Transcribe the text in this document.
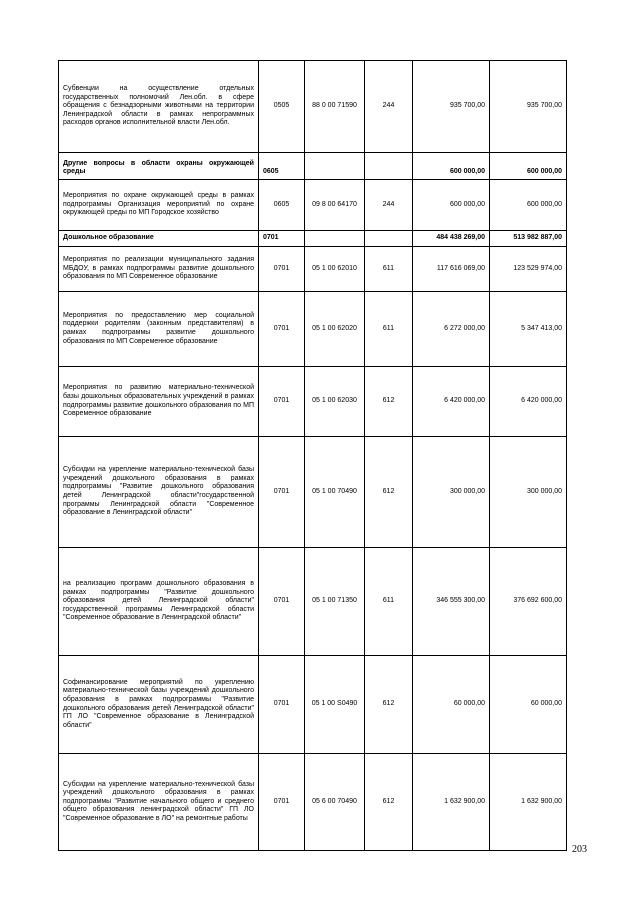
Субвенции на осуществление отдельных государственных полномочий Лен.обл. в сфере обращения с безнадзорными животными на территории Ленинградской области в рамках непрограммных расходов органов исполнительной власти Лен.обл.	0505	88 0 00 71590	244	935 700,00	935 700,00
Другие вопросы в области охраны окружающей среды	0605			600 000,00	600 000,00
Мероприятия по охране окружающей среды в рамках подпрограммы Организация мероприятий по охране окружающей среды по МП Городское хозяйство	0605	09 8 00 64170	244	600 000,00	600 000,00
Дошкольное образование	0701			484 438 269,00	513 982 887,00
Мероприятия по реализации муниципального задания МБДОУ, в рамках подпрограммы развитие дошкольного образования по МП Современное образование	0701	05 1 00 62010	611	117 616 069,00	123 529 974,00
Мероприятия по предоставлению мер социальной поддержки родителям (законным представителям) в рамках подпрограммы развитие дошкольного образования по МП Современное образование	0701	05 1 00 62020	611	6 272 000,00	5 347 413,00
Мероприятия по развитию материально-технической базы дошкольных образовательных учреждений в рамках подпрограммы развитие дошкольного образования по МП Современное образование	0701	05 1 00 62030	612	6 420 000,00	6 420 000,00
Субсидии на укрепление материально-технической базы учреждений дошкольного образования в рамках подпрограммы "Развитие дошкольного образования детей Ленинградской области"государственной программы Ленинградской области "Современное образование в Ленинградской области"	0701	05 1 00 70490	612	300 000,00	300 000,00
на реализацию программ дошкольного образования в рамках подпрограммы "Развитие дошкольного образования детей Ленинградской области" государственной программы Ленинградской области "Современное образование в Ленинградской области"	0701	05 1 00 71350	611	346 555 300,00	376 692 600,00
Софинансирование мероприятий по укреплению материально-технической базы учреждений дошкольного образования в рамках подпрограммы "Развитие дошкольного образования детей Ленинградской области" ГП ЛО "Современное образование в Ленинградской области"	0701	05 1 00 S0490	612	60 000,00	60 000,00
Субсидии на укрепление материально-технической базы учреждений дошкольного образования в рамках подпрограммы "Развитие начального общего и среднего общего образования ленинградской области" ГП ЛО "Современное образование в ЛО" на ремонтные работы	0701	05 6 00 70490	612	1 632 900,00	1 632 900,00
203
